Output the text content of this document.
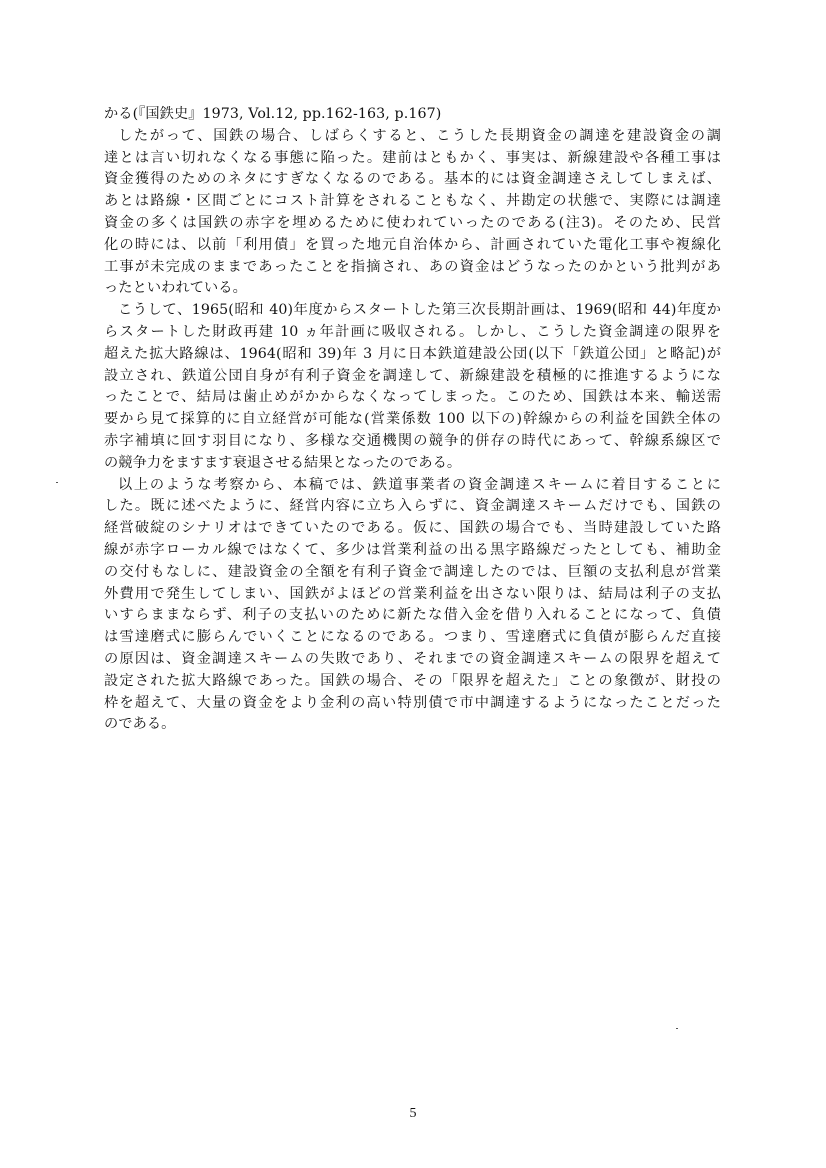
かる(『国鉄史』1973, Vol.12, pp.162-163, p.167)
したがって、国鉄の場合、しばらくすると、こうした長期資金の調達を建設資金の調
達とは言い切れなくなる事態に陥った。建前はともかく、事実は、新線建設や各種工事は
資金獲得のためのネタにすぎなくなるのである。基本的には資金調達さえしてしまえば、
あとは路線・区間ごとにコスト計算をされることもなく、丼勘定の状態で、実際には調達
資金の多くは国鉄の赤字を埋めるために使われていったのである(注3)。そのため、民営
化の時には、以前「利用債」を買った地元自治体から、計画されていた電化工事や複線化
工事が未完成のままであったことを指摘され、あの資金はどうなったのかという批判があ
ったといわれている。
こうして、1965(昭和 40)年度からスタートした第三次長期計画は、1969(昭和 44)年度か
らスタートした財政再建 10 ヵ年計画に吸収される。しかし、こうした資金調達の限界を
超えた拡大路線は、1964(昭和 39)年 3 月に日本鉄道建設公団(以下「鉄道公団」と略記)が
設立され、鉄道公団自身が有利子資金を調達して、新線建設を積極的に推進するようにな
ったことで、結局は歯止めがかからなくなってしまった。このため、国鉄は本来、輸送需
要から見て採算的に自立経営が可能な(営業係数 100 以下の)幹線からの利益を国鉄全体の
赤字補填に回す羽目になり、多様な交通機関の競争的併存の時代にあって、幹線系線区で
の競争力をますます衰退させる結果となったのである。
以上のような考察から、本稿では、鉄道事業者の資金調達スキームに着目することに
した。既に述べたように、経営内容に立ち入らずに、資金調達スキームだけでも、国鉄の
経営破綻のシナリオはできていたのである。仮に、国鉄の場合でも、当時建設していた路
線が赤字ローカル線ではなくて、多少は営業利益の出る黒字路線だったとしても、補助金
の交付もなしに、建設資金の全額を有利子資金で調達したのでは、巨額の支払利息が営業
外費用で発生してしまい、国鉄がよほどの営業利益を出さない限りは、結局は利子の支払
いすらままならず、利子の支払いのために新たな借入金を借り入れることになって、負債
は雪達磨式に膨らんでいくことになるのである。つまり、雪達磨式に負債が膨らんだ直接
の原因は、資金調達スキームの失敗であり、それまでの資金調達スキームの限界を超えて
設定された拡大路線であった。国鉄の場合、その「限界を超えた」ことの象徴が、財投の
枠を超えて、大量の資金をより金利の高い特別債で市中調達するようになったことだった
のである。
5
